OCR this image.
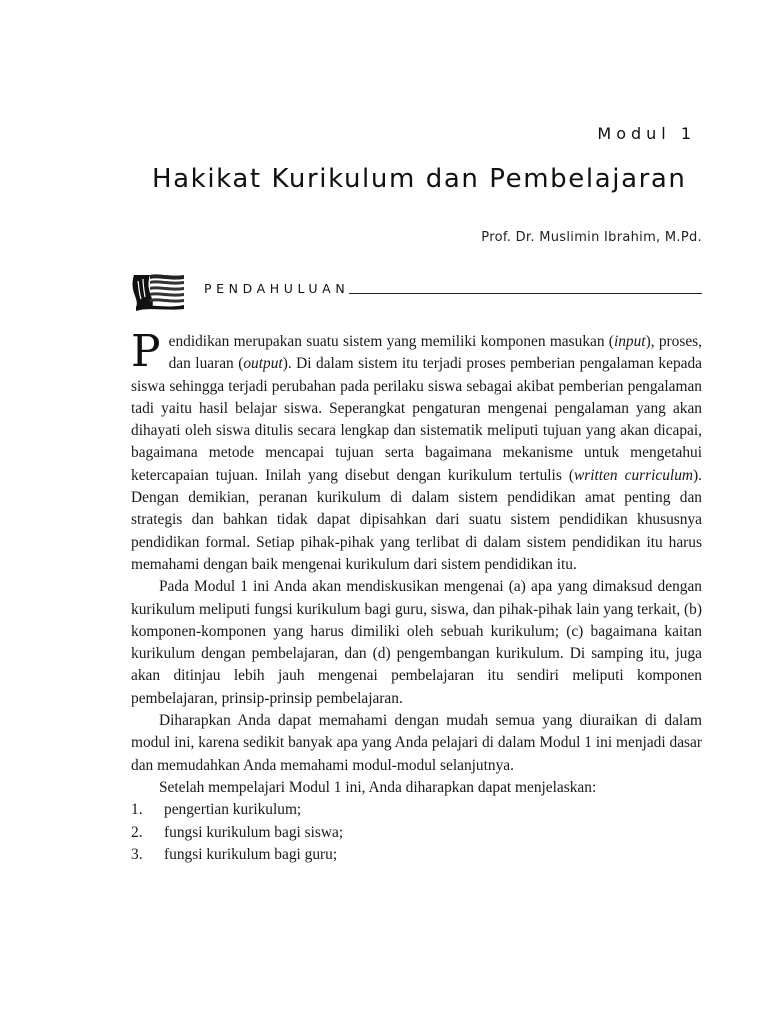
Modul 1
Hakikat Kurikulum dan Pembelajaran
Prof. Dr. Muslimin Ibrahim, M.Pd.
PENDAHULUAN

Pendidikan merupakan suatu sistem yang memiliki komponen masukan (input), proses, dan luaran (output). Di dalam sistem itu terjadi proses pemberian pengalaman kepada siswa sehingga terjadi perubahan pada perilaku siswa sebagai akibat pemberian pengalaman tadi yaitu hasil belajar siswa. Seperangkat pengaturan mengenai pengalaman yang akan dihayati oleh siswa ditulis secara lengkap dan sistematik meliputi tujuan yang akan dicapai, bagaimana metode mencapai tujuan serta bagaimana mekanisme untuk mengetahui ketercapaian tujuan. Inilah yang disebut dengan kurikulum tertulis (written curriculum). Dengan demikian, peranan kurikulum di dalam sistem pendidikan amat penting dan strategis dan bahkan tidak dapat dipisahkan dari suatu sistem pendidikan khususnya pendidikan formal. Setiap pihak-pihak yang terlibat di dalam sistem pendidikan itu harus memahami dengan baik mengenai kurikulum dari sistem pendidikan itu.

Pada Modul 1 ini Anda akan mendiskusikan mengenai (a) apa yang dimaksud dengan kurikulum meliputi fungsi kurikulum bagi guru, siswa, dan pihak-pihak lain yang terkait, (b) komponen-komponen yang harus dimiliki oleh sebuah kurikulum; (c) bagaimana kaitan kurikulum dengan pembelajaran, dan (d) pengembangan kurikulum. Di samping itu, juga akan ditinjau lebih jauh mengenai pembelajaran itu sendiri meliputi komponen pembelajaran, prinsip-prinsip pembelajaran.

Diharapkan Anda dapat memahami dengan mudah semua yang diuraikan di dalam modul ini, karena sedikit banyak apa yang Anda pelajari di dalam Modul 1 ini menjadi dasar dan memudahkan Anda memahami modul-modul selanjutnya.

Setelah mempelajari Modul 1 ini, Anda diharapkan dapat menjelaskan:

1.	pengertian kurikulum;
2.	fungsi kurikulum bagi siswa;
3.	fungsi kurikulum bagi guru;
